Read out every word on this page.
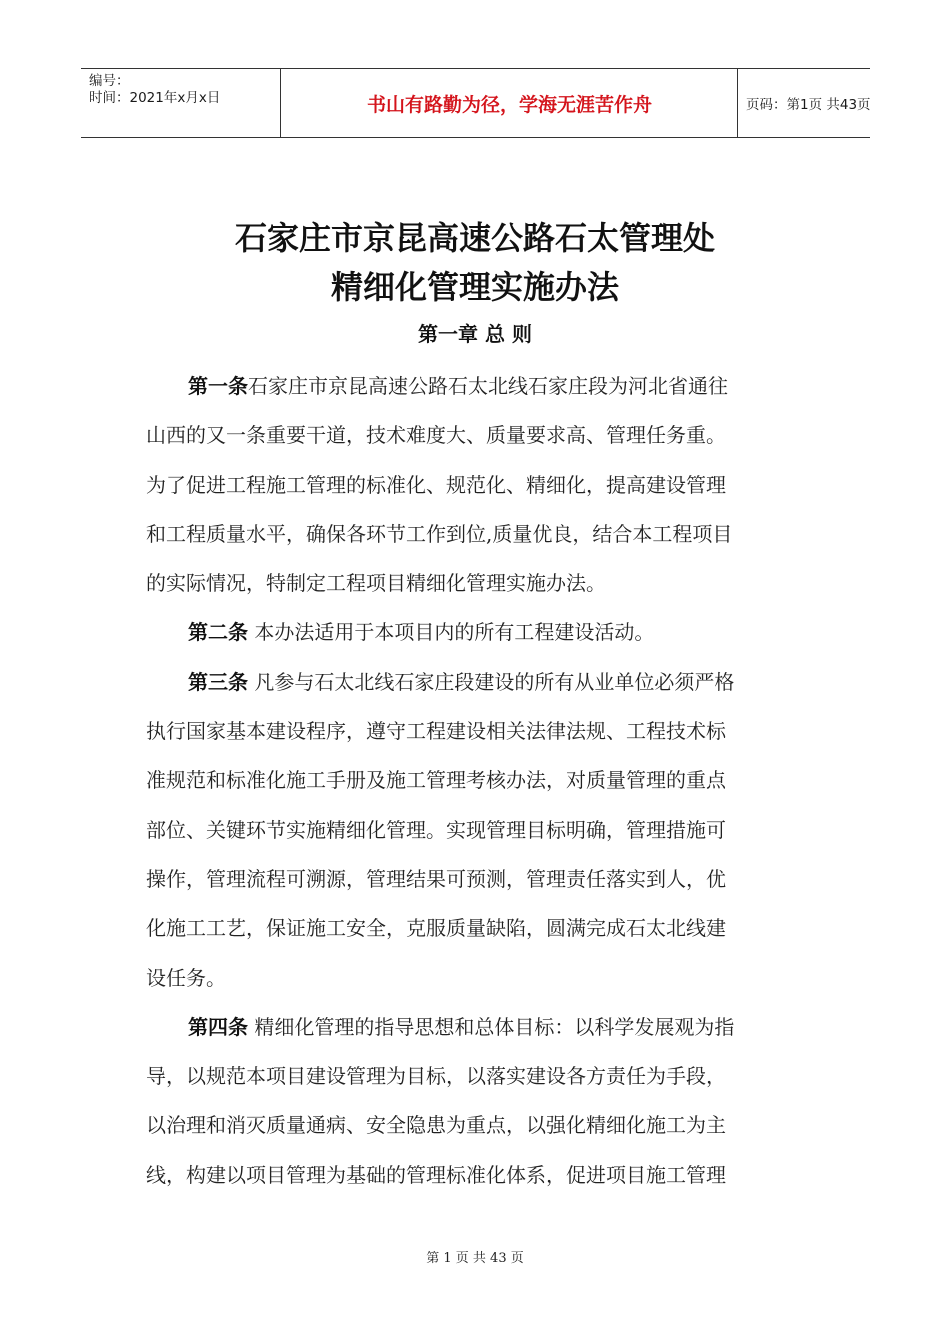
编号：
时间：2021年x月x日	书山有路勤为径，学海无涯苦作舟	页码：第1页 共43页
石家庄市京昆高速公路石太管理处
精细化管理实施办法
第一章 总 则
第一条石家庄市京昆高速公路石太北线石家庄段为河北省通往
山西的又一条重要干道，技术难度大、质量要求高、管理任务重。
为了促进工程施工管理的标准化、规范化、精细化，提高建设管理
和工程质量水平，确保各环节工作到位,质量优良，结合本工程项目
的实际情况，特制定工程项目精细化管理实施办法。
第二条 本办法适用于本项目内的所有工程建设活动。
第三条 凡参与石太北线石家庄段建设的所有从业单位必须严格
执行国家基本建设程序，遵守工程建设相关法律法规、工程技术标
准规范和标准化施工手册及施工管理考核办法，对质量管理的重点
部位、关键环节实施精细化管理。实现管理目标明确，管理措施可
操作，管理流程可溯源，管理结果可预测，管理责任落实到人，优
化施工工艺，保证施工安全，克服质量缺陷，圆满完成石太北线建
设任务。
第四条 精细化管理的指导思想和总体目标：以科学发展观为指
导，以规范本项目建设管理为目标，以落实建设各方责任为手段，
以治理和消灭质量通病、安全隐患为重点，以强化精细化施工为主
线，构建以项目管理为基础的管理标准化体系，促进项目施工管理
第 1 页 共 43 页
